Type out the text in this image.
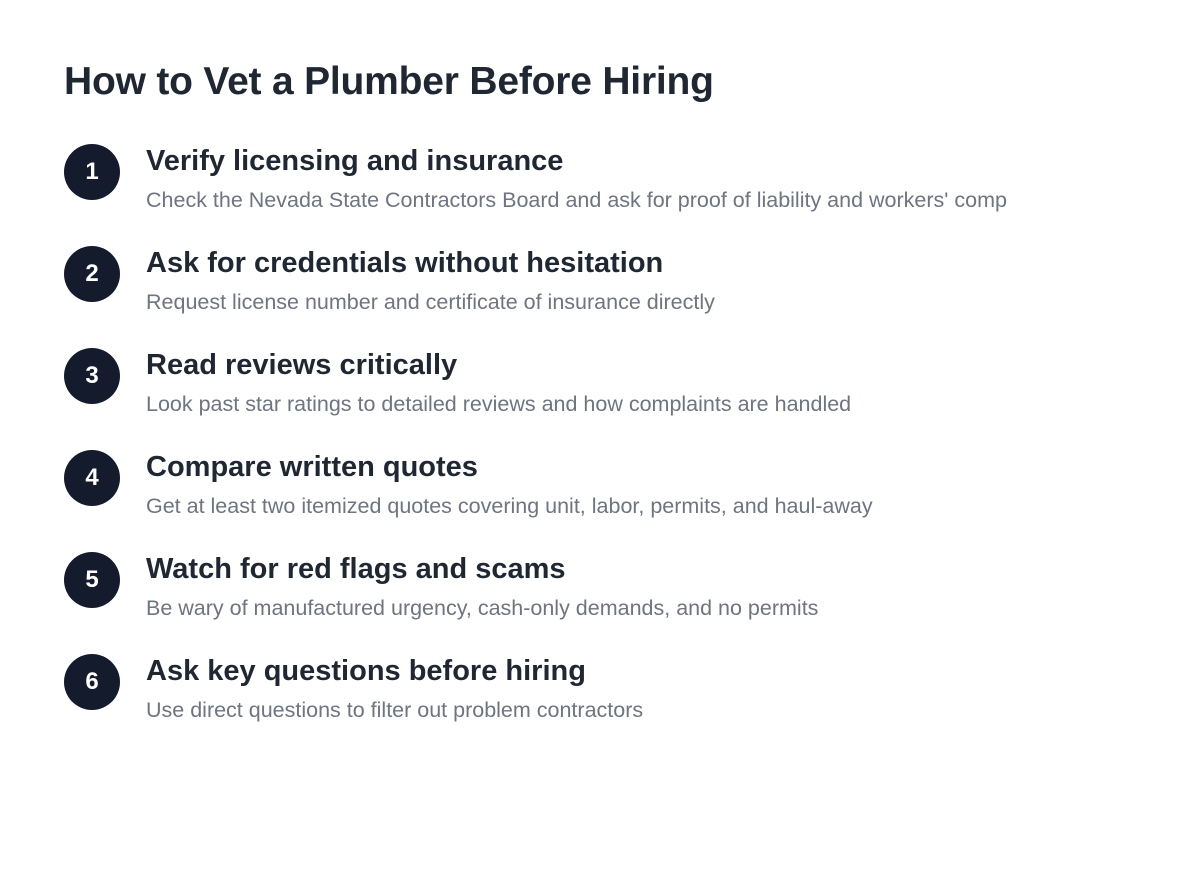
How to Vet a Plumber Before Hiring
1	Verify licensing and insurance

Check the Nevada State Contractors Board and ask for proof of liability and workers' comp

2	Ask for credentials without hesitation

Request license number and certificate of insurance directly

3	Read reviews critically

Look past star ratings to detailed reviews and how complaints are handled

4	Compare written quotes

Get at least two itemized quotes covering unit, labor, permits, and haul-away

5	Watch for red flags and scams

Be wary of manufactured urgency, cash-only demands, and no permits

6	Ask key questions before hiring

Use direct questions to filter out problem contractors
